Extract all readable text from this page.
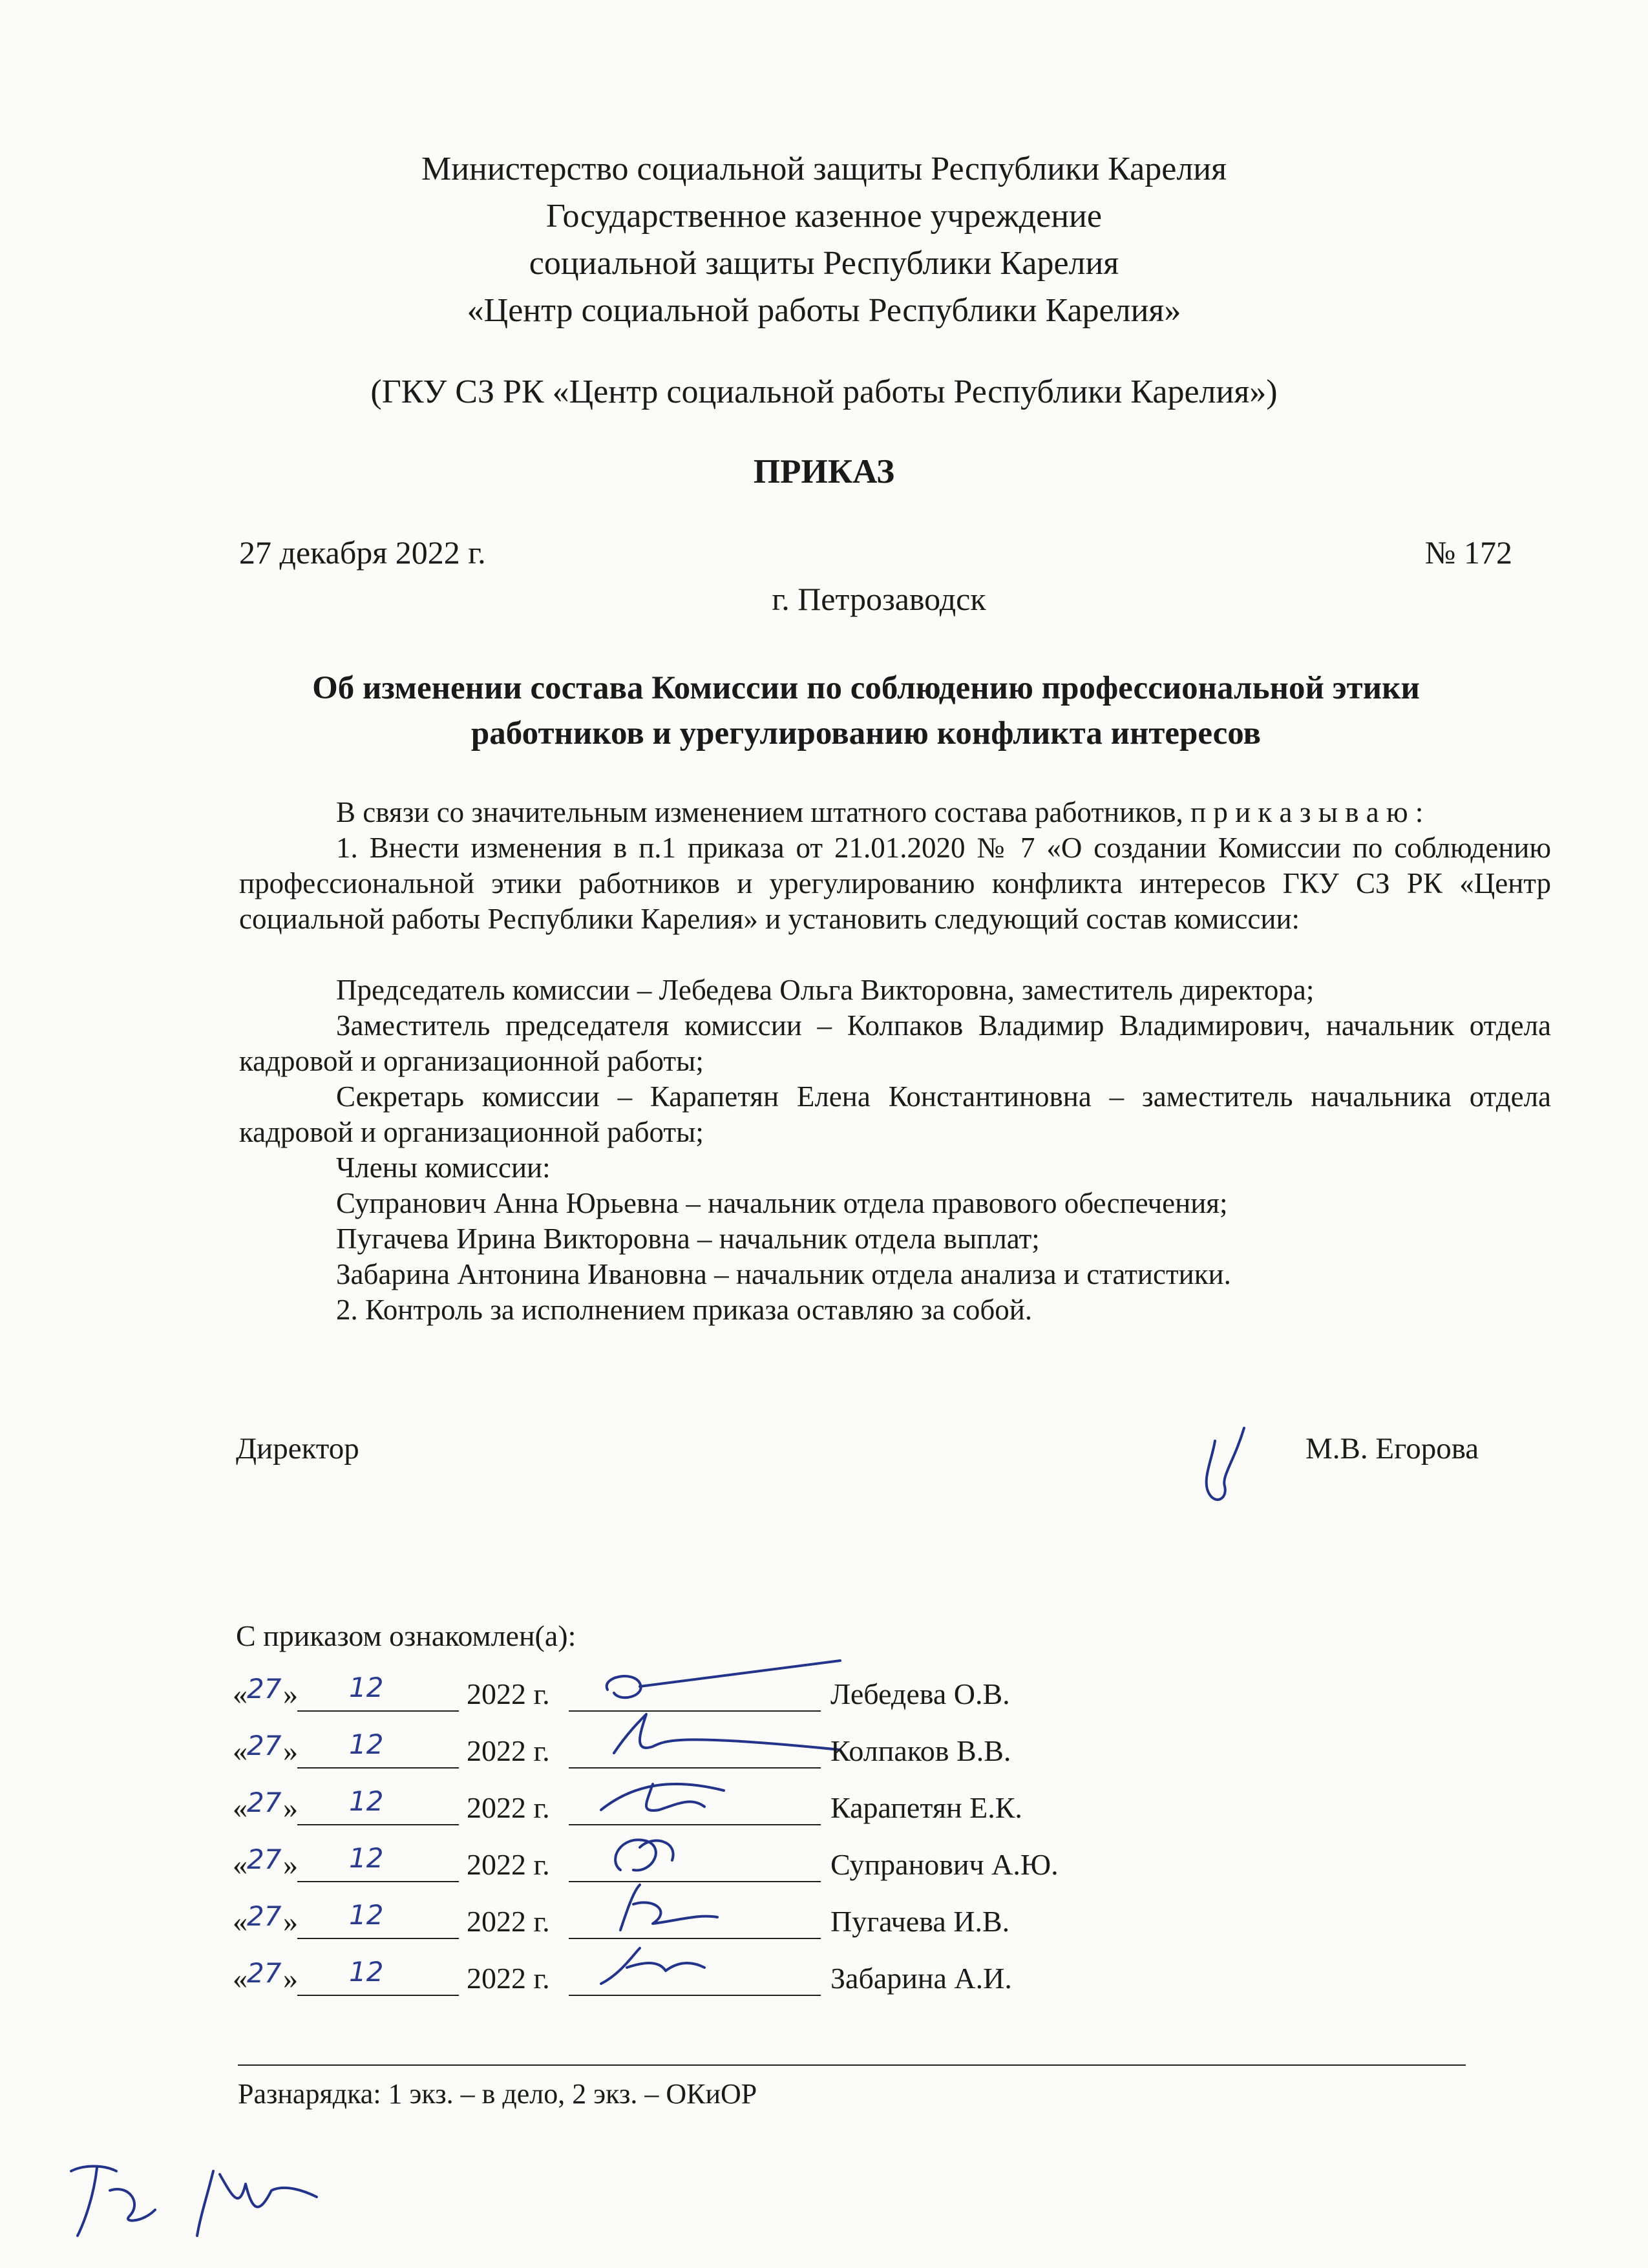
Министерство социальной защиты Республики Карелия
Государственное казенное учреждение
социальной защиты Республики Карелия
«Центр социальной работы Республики Карелия»
(ГКУ СЗ РК «Центр социальной работы Республики Карелия»)
ПРИКАЗ
27 декабря 2022 г.	№ 172
г. Петрозаводск
Об изменении состава Комиссии по соблюдению профессиональной этики
работников и урегулированию конфликта интересов
В связи со значительным изменением штатного состава работников, п р и к а з ы в а ю :
1. Внести изменения в п.1 приказа от 21.01.2020 № 7 «О создании Комиссии по соблюдению профессиональной этики работников и урегулированию конфликта интересов ГКУ СЗ РК «Центр социальной работы Республики Карелия» и установить следующий состав комиссии:
Председатель комиссии – Лебедева Ольга Викторовна, заместитель директора;
Заместитель председателя комиссии – Колпаков Владимир Владимирович, начальник отдела кадровой и организационной работы;
Секретарь комиссии – Карапетян Елена Константиновна – заместитель начальника отдела кадровой и организационной работы;
Члены комиссии:
Супранович Анна Юрьевна – начальник отдела правового обеспечения;
Пугачева Ирина Викторовна – начальник отдела выплат;
Забарина Антонина Ивановна – начальник отдела анализа и статистики.
2. Контроль за исполнением приказа оставляю за собой.
Директор	М.В. Егорова
С приказом ознакомлен(а):
« 27 » 12	2022 г.	Лебедева О.В.
« 27 » 12	2022 г.	Колпаков В.В.
« 27 » 12	2022 г.	Карапетян Е.К.
« 27 » 12	2022 г.	Супранович А.Ю.
« 27 » 12	2022 г.	Пугачева И.В.
« 27 » 12	2022 г.	Забарина А.И.
Разнарядка: 1 экз. – в дело, 2 экз. – ОКиОР
